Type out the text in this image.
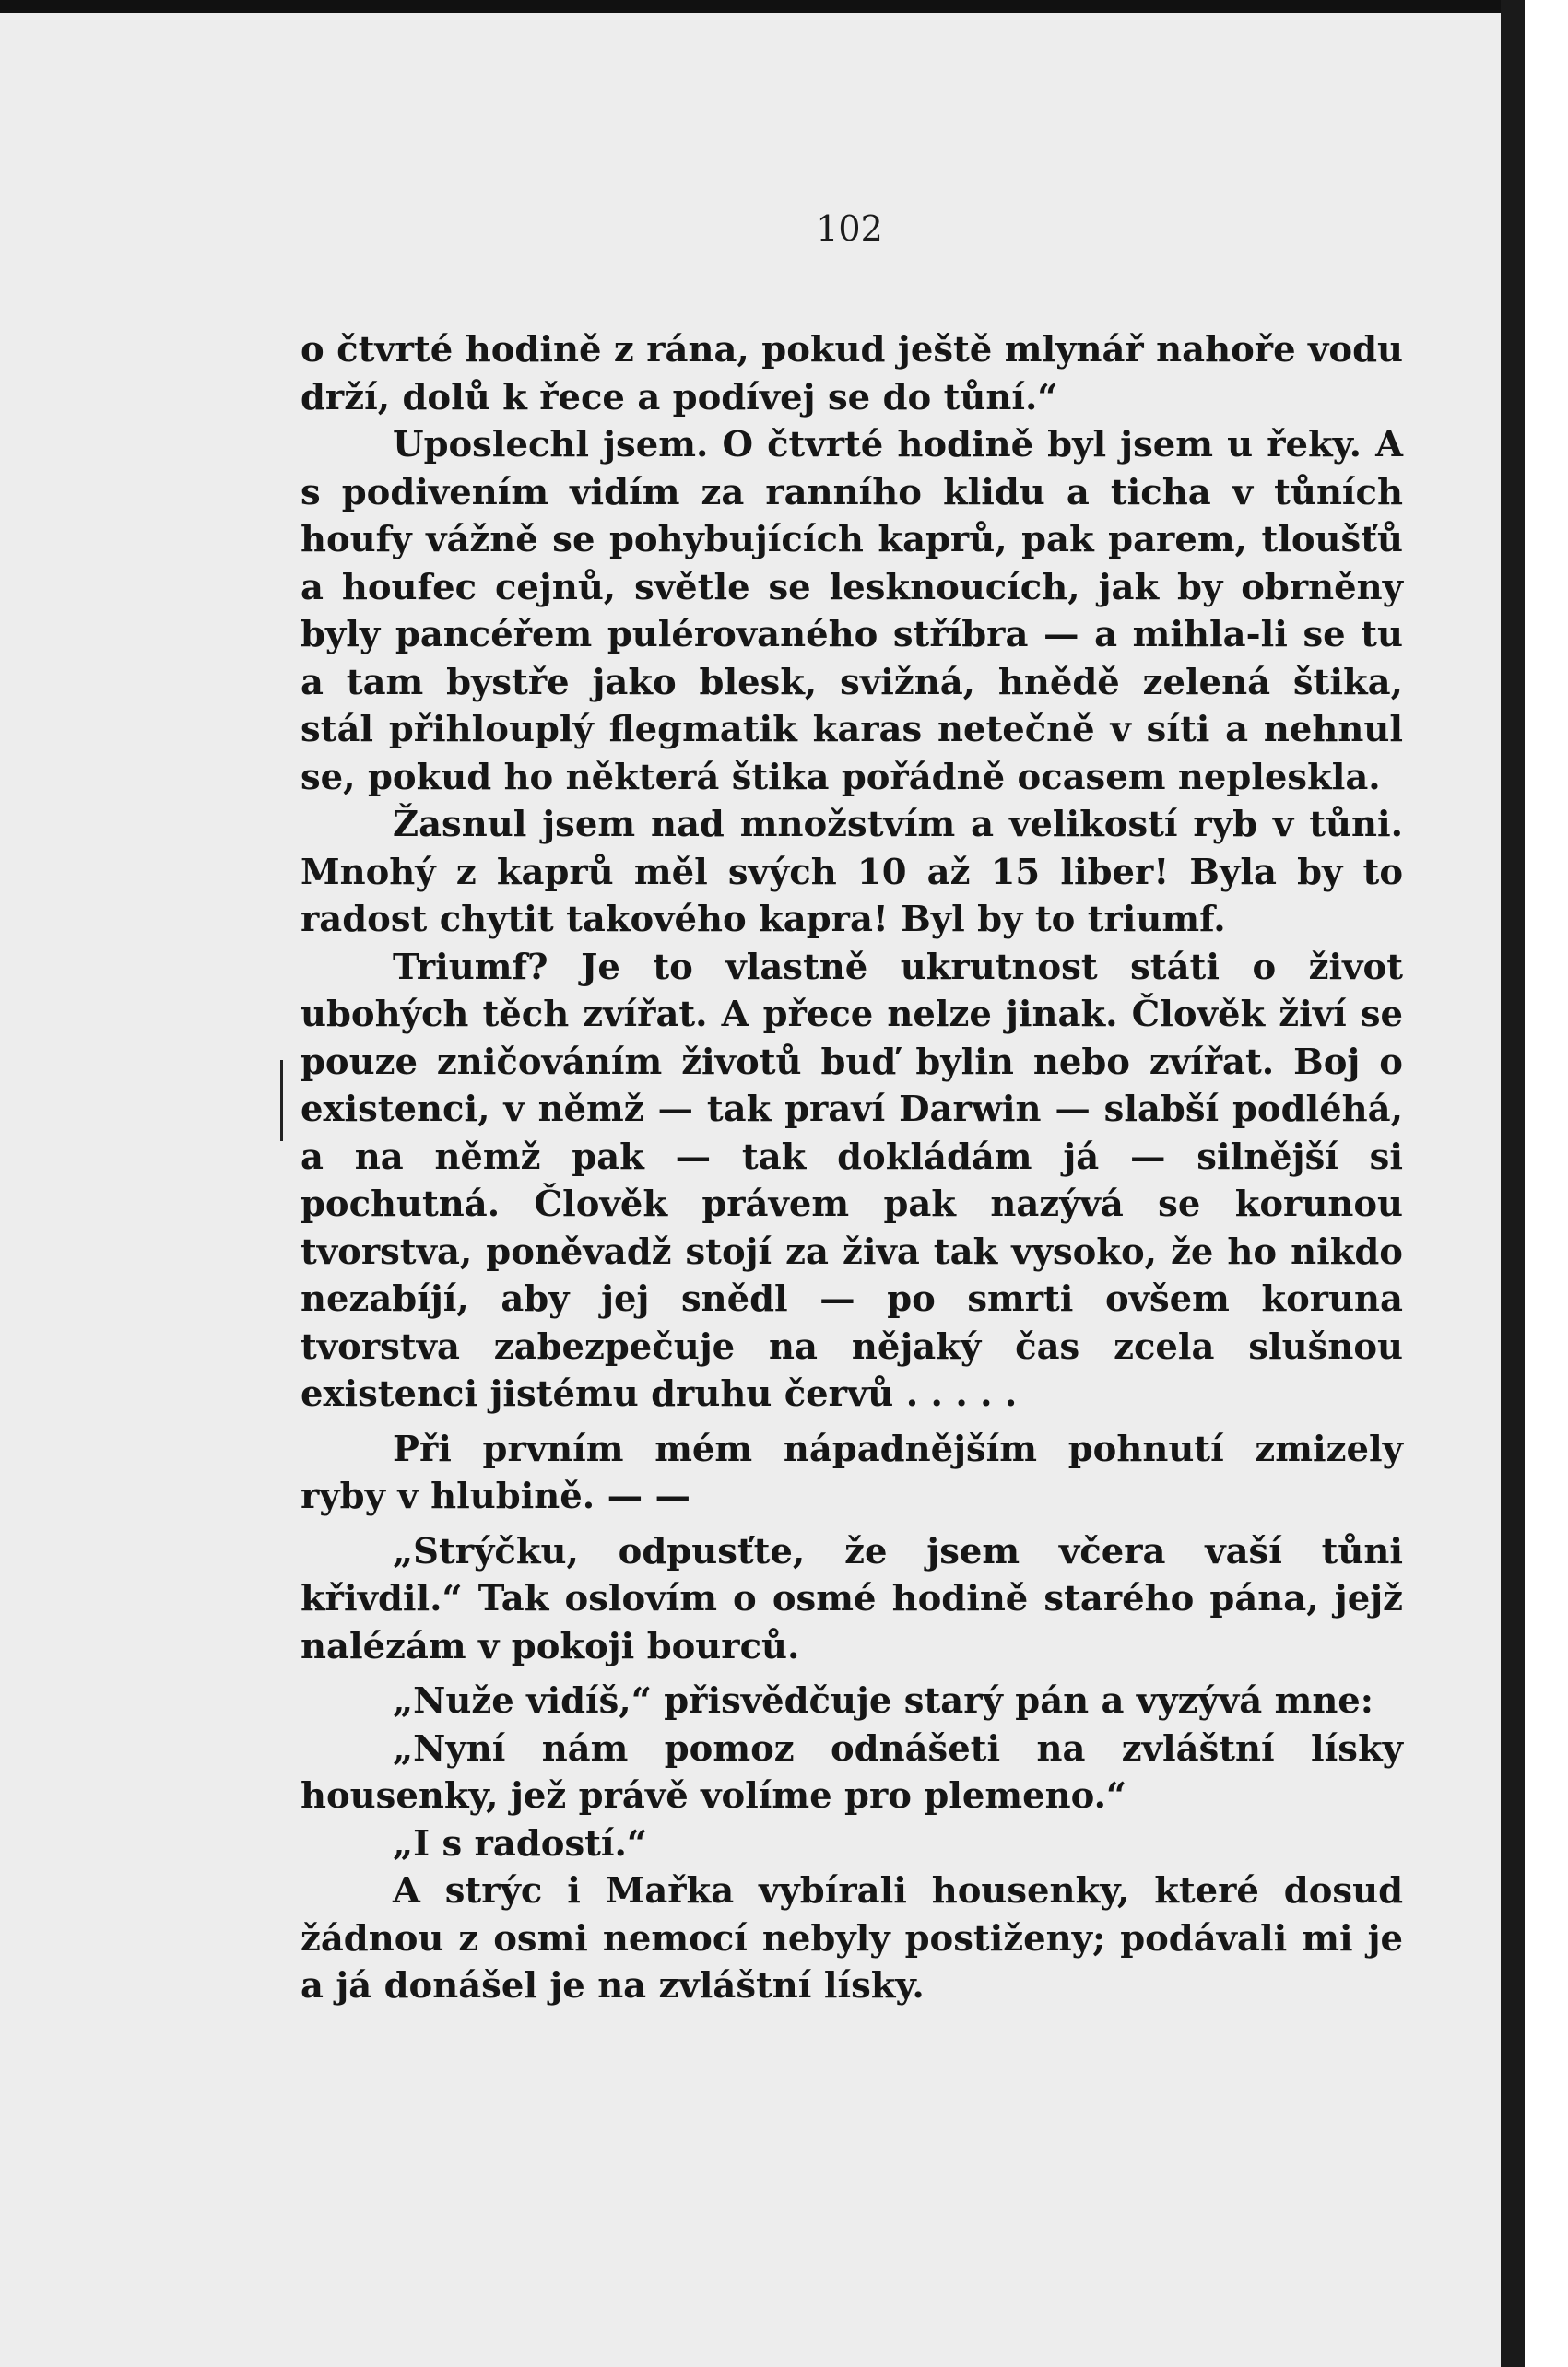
102

o čtvrté hodině z rána, pokud ještě mlynář nahoře vodu drží, dolů k řece a podívej se do tůní.“

Uposlechl jsem. O čtvrté hodině byl jsem u řeky. A s podivením vidím za ranního klidu a ticha v tůních houfy vážně se pohybujících kaprů, pak parem, tloušťů a houfec cejnů, světle se lesknoucích, jak by obrněny byly pancéřem pulérovaného stříbra — a mihla-li se tu a tam bystře jako blesk, svižná, hnědě zelená štika, stál přihlouplý flegmatik karas netečně v síti a nehnul se, pokud ho některá štika pořádně ocasem nepleskla.

Žasnul jsem nad množstvím a velikostí ryb v tůni. Mnohý z kaprů měl svých 10 až 15 liber! Byla by to radost chytit takového kapra! Byl by to triumf.

Triumf? Je to vlastně ukrutnost státi o život ubohých těch zvířat. A přece nelze jinak. Člověk živí se pouze zničováním životů buď bylin nebo zvířat. Boj o existenci, v němž — tak praví Darwin — slabší podléhá, a na němž pak — tak dokládám já — silnější si pochutná. Člověk právem pak nazývá se korunou tvorstva, poněvadž stojí za živa tak vysoko, že ho nikdo nezabíjí, aby jej snědl — po smrti ovšem koruna tvorstva zabezpečuje na nějaký čas zcela slušnou existenci jistému druhu červů . . . . .

Při prvním mém nápadnějším pohnutí zmizely ryby v hlubině. — —

„Strýčku, odpusťte, že jsem včera vaší tůni křivdil.“ Tak oslovím o osmé hodině starého pána, jejž nalézám v pokoji bourců.

„Nuže vidíš,“ přisvědčuje starý pán a vyzývá mne:

„Nyní nám pomoz odnášeti na zvláštní lísky housenky, jež právě volíme pro plemeno.“

„I s radostí.“

A strýc i Mařka vybírali housenky, které dosud žádnou z osmi nemocí nebyly postiženy; podávali mi je a já donášel je na zvláštní lísky.
